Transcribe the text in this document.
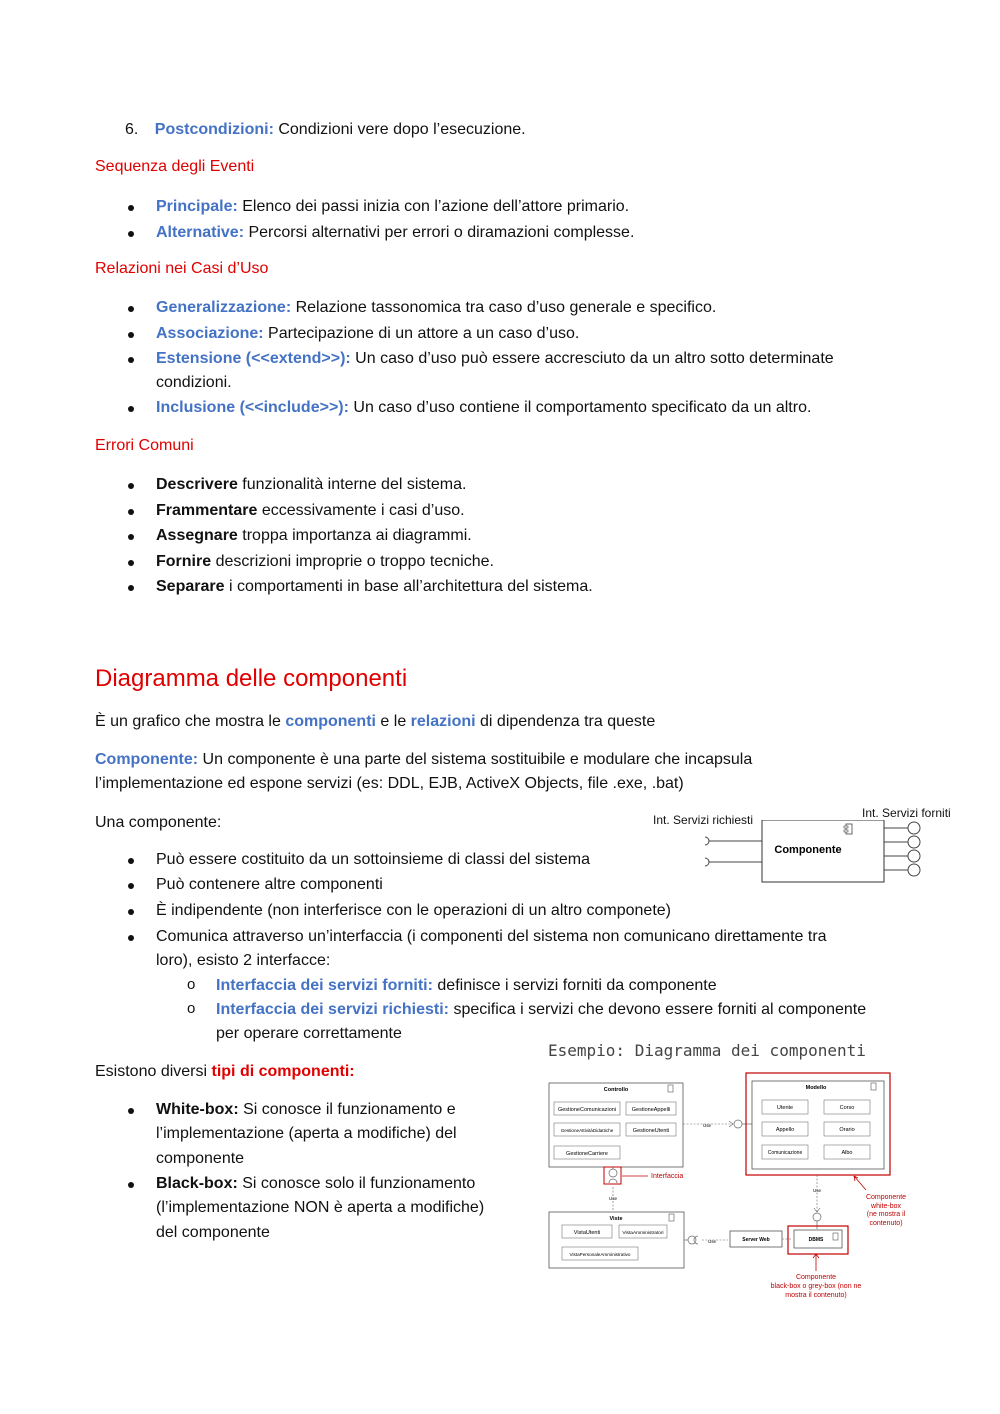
6. Postcondizioni: Condizioni vere dopo l’esecuzione.
Sequenza degli Eventi
Principale: Elenco dei passi inizia con l’azione dell’attore primario.
Alternative: Percorsi alternativi per errori o diramazioni complesse.
Relazioni nei Casi d’Uso
Generalizzazione: Relazione tassonomica tra caso d’uso generale e specifico.
Associazione: Partecipazione di un attore a un caso d’uso.
Estensione (<<extend>>): Un caso d’uso può essere accresciuto da un altro sotto determinate
condizioni.
Inclusione (<<include>>): Un caso d’uso contiene il comportamento specificato da un altro.
Errori Comuni
Descrivere funzionalità interne del sistema.
Frammentare eccessivamente i casi d’uso.
Assegnare troppa importanza ai diagrammi.
Fornire descrizioni improprie o troppo tecniche.
Separare i comportamenti in base all’architettura del sistema.
Diagramma delle componenti
È un grafico che mostra le componenti e le relazioni di dipendenza tra queste
Componente: Un componente è una parte del sistema sostituibile e modulare che incapsula
l’implementazione ed espone servizi (es: DDL, EJB, ActiveX Objects, file .exe, .bat)
Una componente:
Può essere costituito da un sottoinsieme di classi del sistema
Può contenere altre componenti
È indipendente (non interferisce con le operazioni di un altro componete)
Comunica attraverso un’interfaccia (i componenti del sistema non comunicano direttamente tra
loro), esisto 2 interfacce:
o Interfaccia dei servizi forniti: definisce i servizi forniti da componente
o Interfaccia dei servizi richiesti: specifica i servizi che devono essere forniti al componente
per operare correttamente
Esistono diversi tipi di componenti:
White-box: Si conosce il funzionamento e
l’implementazione (aperta a modifiche) del
componente
Black-box: Si conosce solo il funzionamento
(l’implementazione NON è aperta a modifiche)
del componente
Int. Servizi richiesti	Int. Servizi forniti
Componente
Esempio: Diagramma dei componenti
Controllo
GestioneComunicazioni	GestioneAppelli
GestioneAttivitàDidattiche	GestioneUtenti
GestioneCarriere
Use
Modello
Utente	Corso
Appello	Orario
Comunicazione	Albo
Interfaccia
Use
Use
Viste
VistaUtenti	VistaAmministratori
VistaPersonaleAmministrativo
Use	Server Web	DBMS
Componente
white-box
(ne mostra il
contenuto)
Componente
black-box o grey-box (non ne
mostra il contenuto)
